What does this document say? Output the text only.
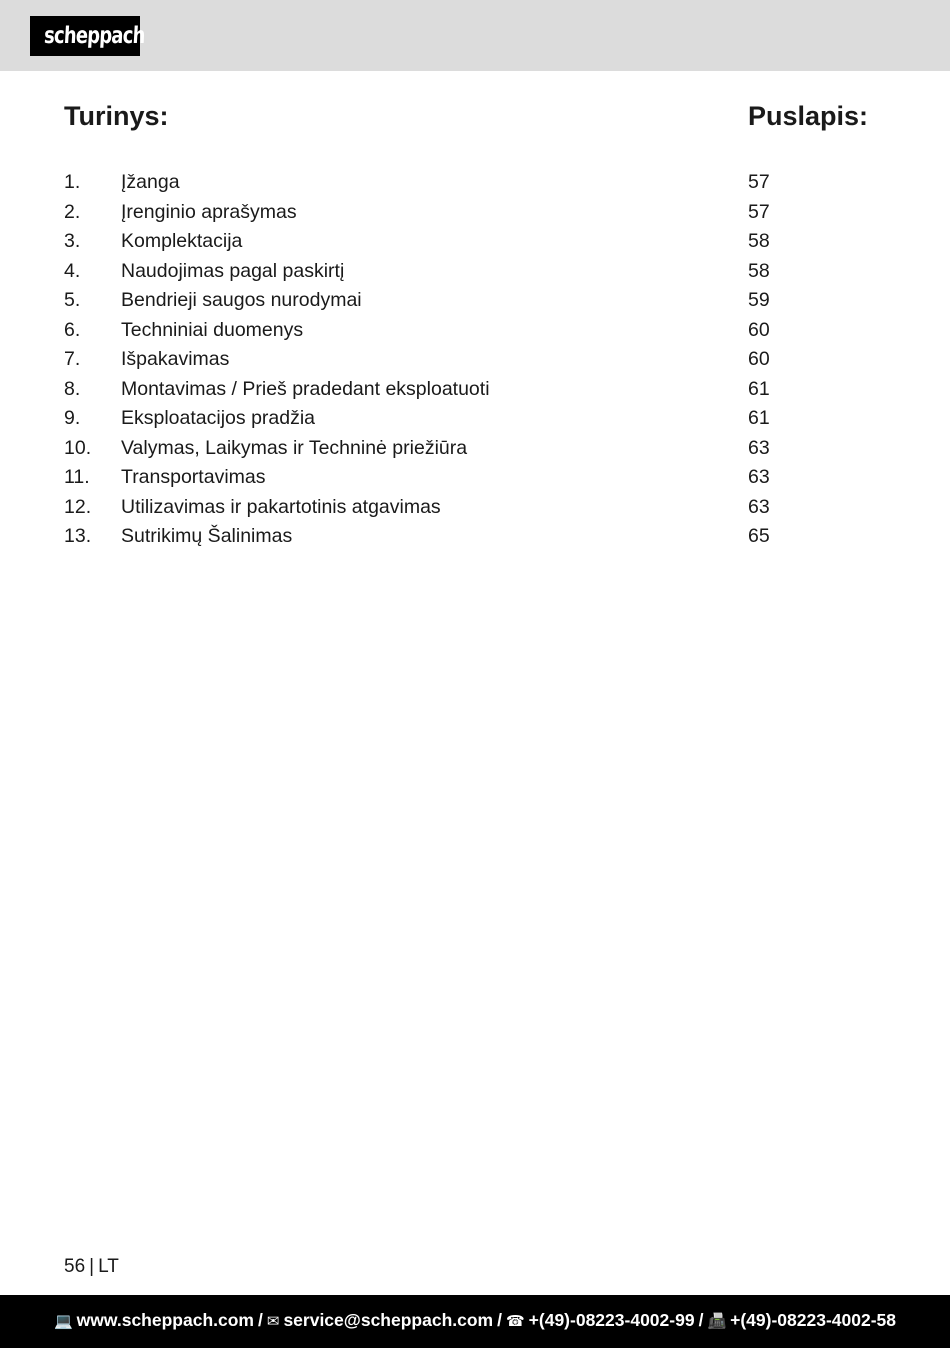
scheppach
Turinys:	Puslapis:
1. Įžanga	57
2. Įrenginio aprašymas	57
3. Komplektacija	58
4. Naudojimas pagal paskirtį	58
5. Bendrieji saugos nurodymai	59
6. Techniniai duomenys	60
7. Išpakavimas	60
8. Montavimas / Prieš pradedant eksploatuoti	61
9. Eksploatacijos pradžia	61
10. Valymas, Laikymas ir Techninė priežiūra	63
11. Transportavimas	63
12. Utilizavimas ir pakartotinis atgavimas	63
13. Sutrikimų Šalinimas	65
56 | LT
💻 www.scheppach.com / ✉ service@scheppach.com / ☎ +(49)-08223-4002-99 / 📠 +(49)-08223-4002-58
